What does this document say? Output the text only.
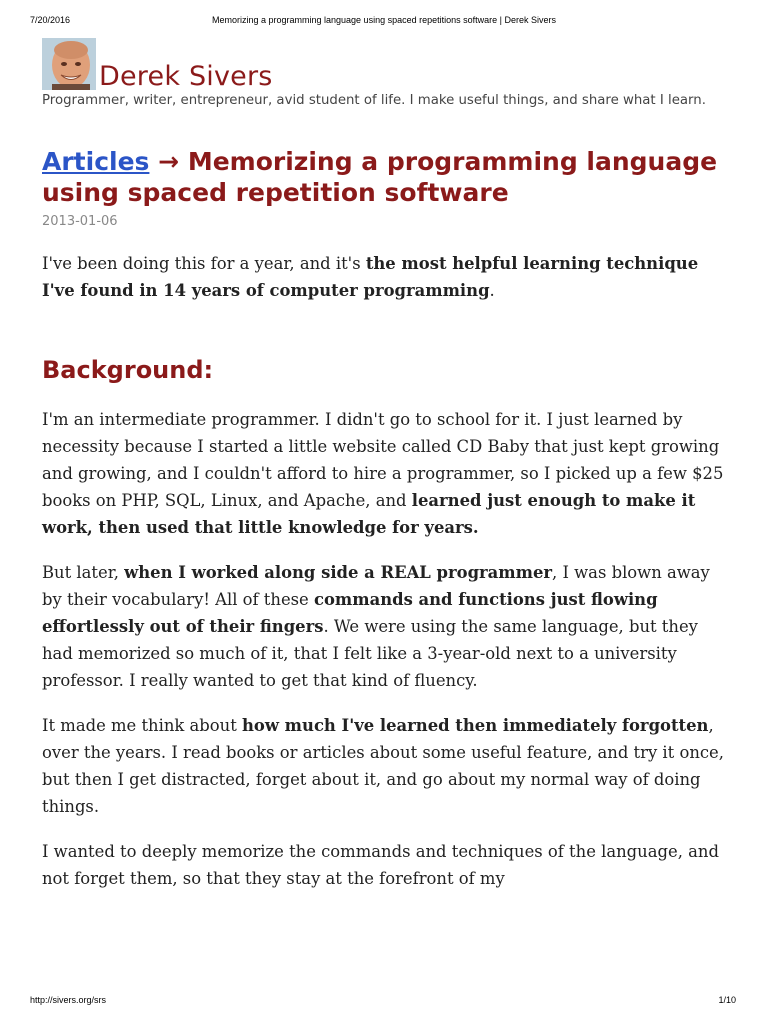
7/20/2016	Memorizing a programming language using spaced repetitions software | Derek Sivers
Derek Sivers

Programmer, writer, entrepreneur, avid student of life. I make useful things, and share what I learn.

Articles → Memorizing a programming language using spaced repetition software
2013-01-06

I've been doing this for a year, and it's the most helpful learning technique I've found in 14 years of computer programming.

Background:

I'm an intermediate programmer. I didn't go to school for it. I just learned by necessity because I started a little website called CD Baby that just kept growing and growing, and I couldn't afford to hire a programmer, so I picked up a few $25 books on PHP, SQL, Linux, and Apache, and learned just enough to make it work, then used that little knowledge for years.

But later, when I worked along side a REAL programmer, I was blown away by their vocabulary! All of these commands and functions just flowing effortlessly out of their fingers. We were using the same language, but they had memorized so much of it, that I felt like a 3-year-old next to a university professor. I really wanted to get that kind of fluency.

It made me think about how much I've learned then immediately forgotten, over the years. I read books or articles about some useful feature, and try it once, but then I get distracted, forget about it, and go about my normal way of doing things.

I wanted to deeply memorize the commands and techniques of the language, and not forget them, so that they stay at the forefront of my

http://sivers.org/srs	1/10
